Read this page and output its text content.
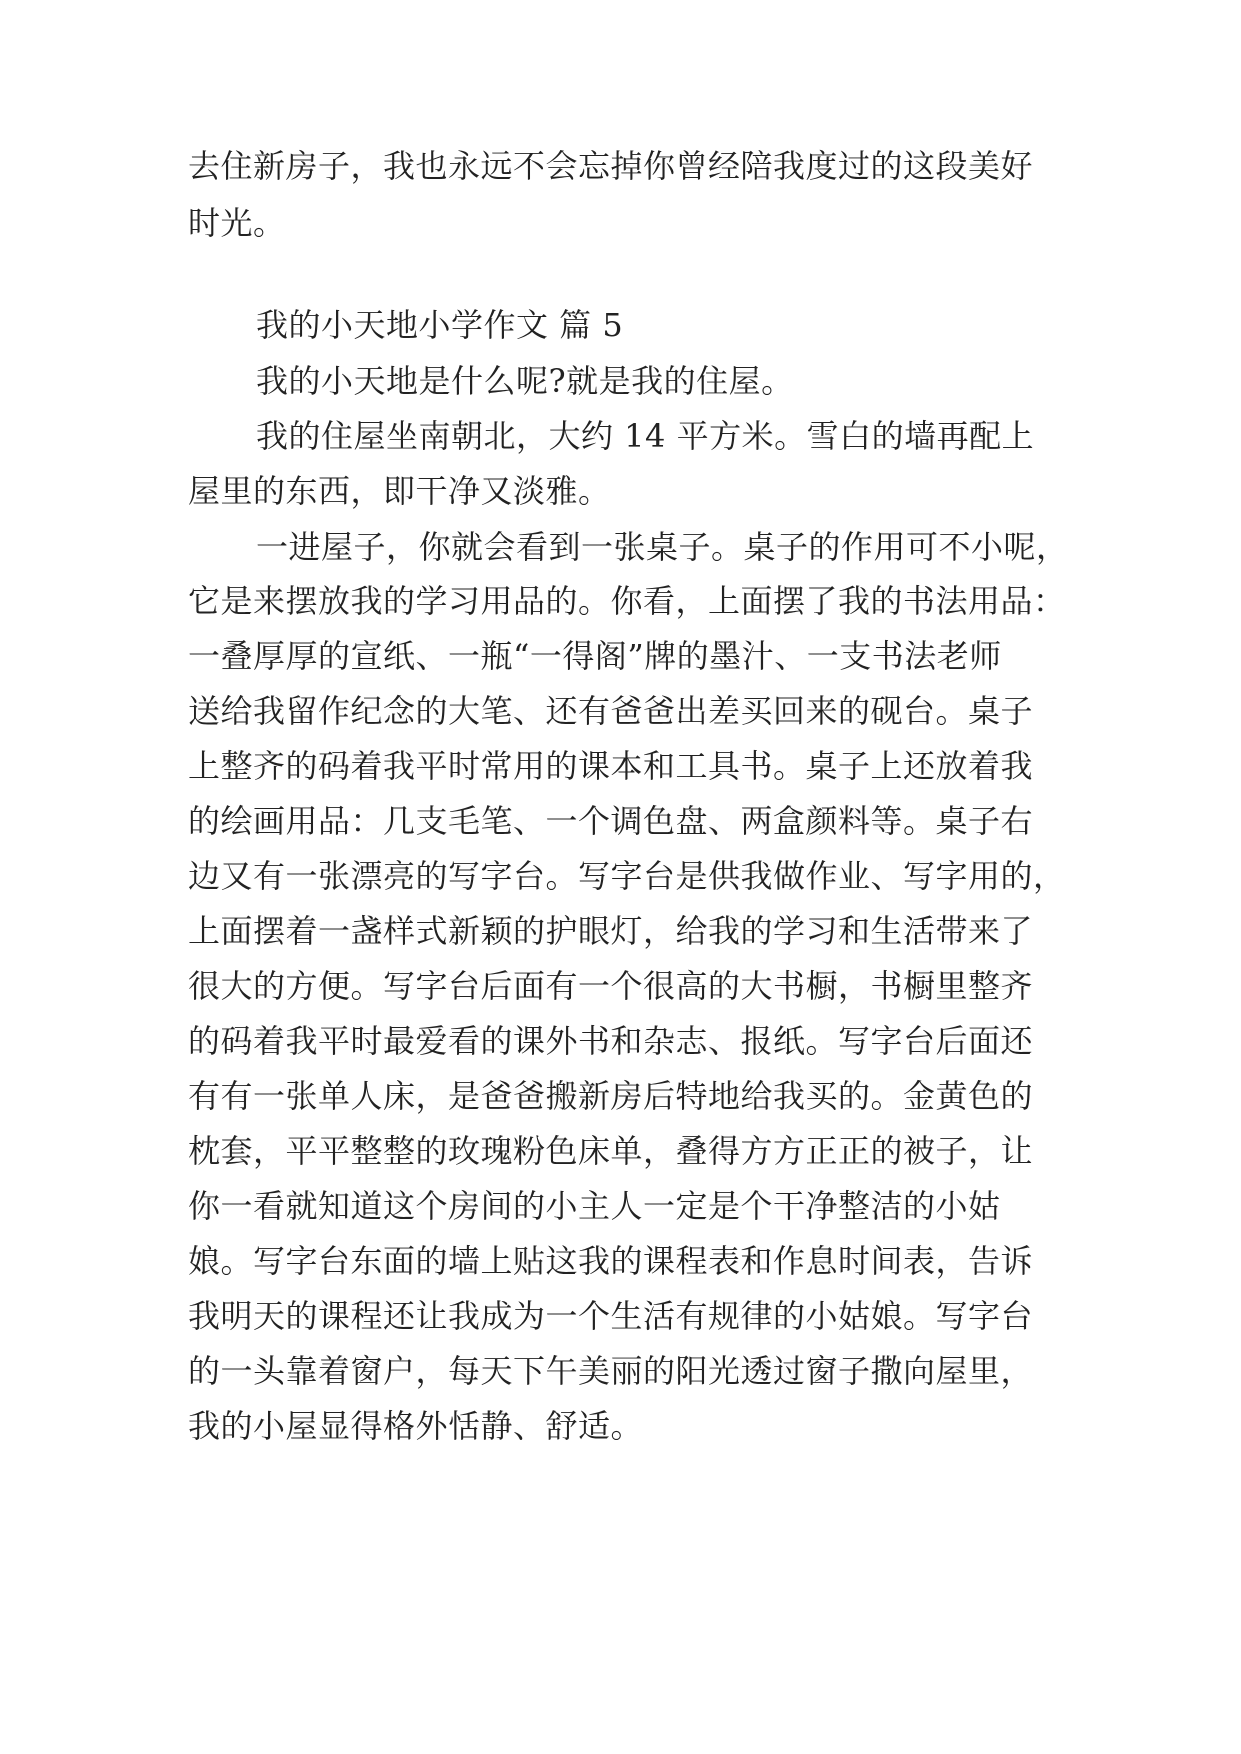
去住新房子，我也永远不会忘掉你曾经陪我度过的这段美好
时光。
我的小天地小学作文 篇 5
我的小天地是什么呢?就是我的住屋。
我的住屋坐南朝北，大约 14 平方米。雪白的墙再配上
屋里的东西，即干净又淡雅。
一进屋子，你就会看到一张桌子。桌子的作用可不小呢，
它是来摆放我的学习用品的。你看，上面摆了我的书法用品：
一叠厚厚的宣纸、一瓶“一得阁”牌的墨汁、一支书法老师
送给我留作纪念的大笔、还有爸爸出差买回来的砚台。桌子
上整齐的码着我平时常用的课本和工具书。桌子上还放着我
的绘画用品：几支毛笔、一个调色盘、两盒颜料等。桌子右
边又有一张漂亮的写字台。写字台是供我做作业、写字用的，
上面摆着一盏样式新颖的护眼灯，给我的学习和生活带来了
很大的方便。写字台后面有一个很高的大书橱，书橱里整齐
的码着我平时最爱看的课外书和杂志、报纸。写字台后面还
有有一张单人床，是爸爸搬新房后特地给我买的。金黄色的
枕套，平平整整的玫瑰粉色床单，叠得方方正正的被子，让
你一看就知道这个房间的小主人一定是个干净整洁的小姑
娘。写字台东面的墙上贴这我的课程表和作息时间表，告诉
我明天的课程还让我成为一个生活有规律的小姑娘。写字台
的一头靠着窗户，每天下午美丽的阳光透过窗子撒向屋里，
我的小屋显得格外恬静、舒适。
